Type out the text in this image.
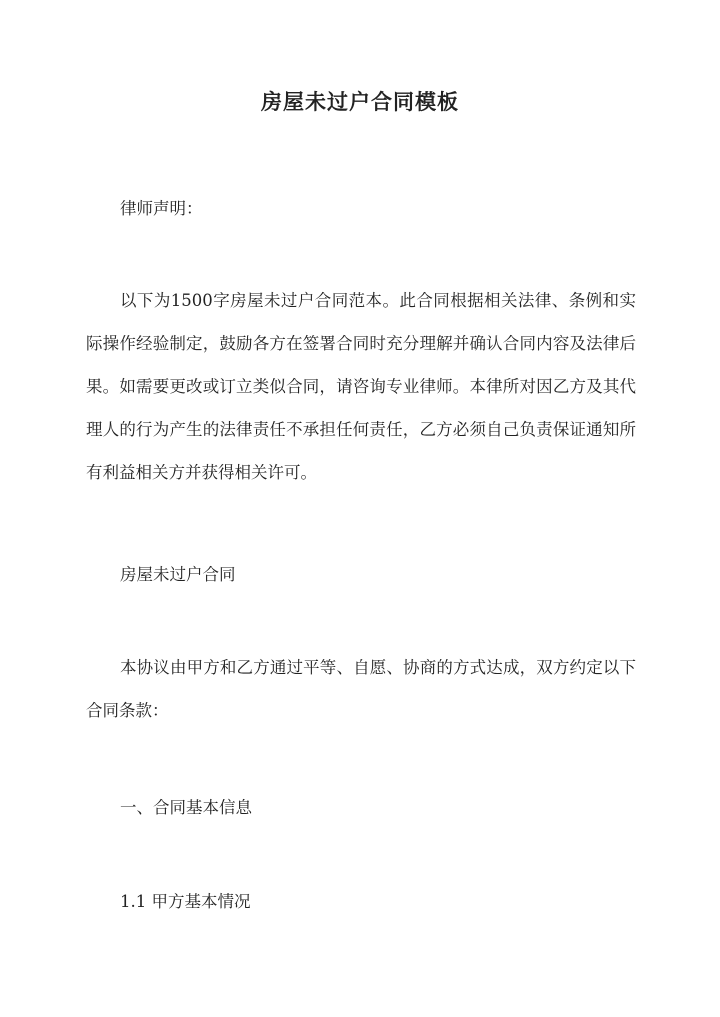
房屋未过户合同模板
律师声明：
以下为1500字房屋未过户合同范本。此合同根据相关法律、条例和实际操作经验制定，鼓励各方在签署合同时充分理解并确认合同内容及法律后果。如需要更改或订立类似合同，请咨询专业律师。本律所对因乙方及其代理人的行为产生的法律责任不承担任何责任，乙方必须自己负责保证通知所有利益相关方并获得相关许可。
房屋未过户合同
本协议由甲方和乙方通过平等、自愿、协商的方式达成，双方约定以下合同条款：
一、合同基本信息
1.1 甲方基本情况
